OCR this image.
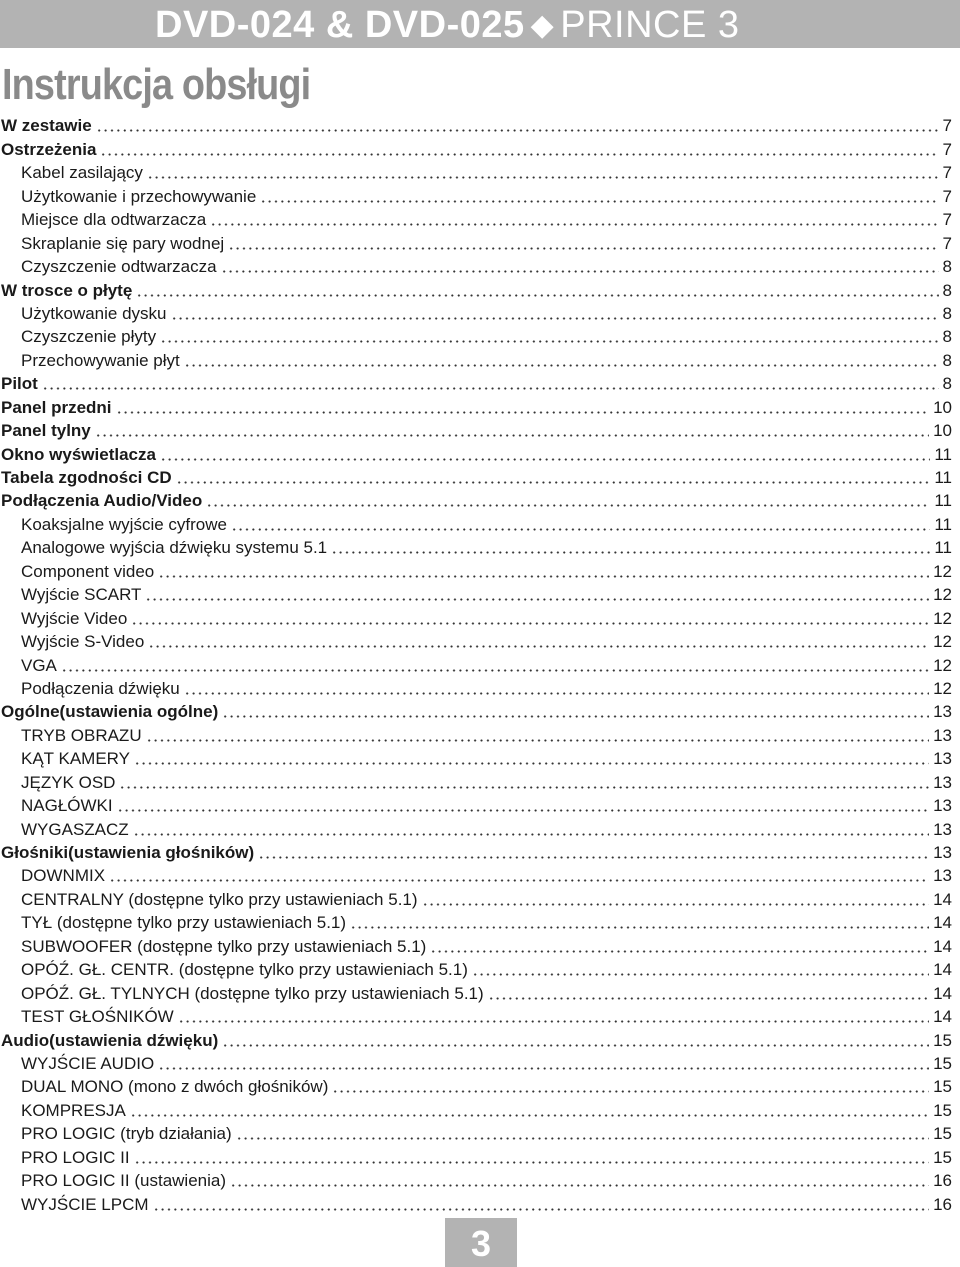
DVD-024 & DVD-025 ◆ PRINCE 3
Instrukcja obsługi
W zestawie	7
Ostrzeżenia	7
Kabel zasilający	7
Użytkowanie i przechowywanie	7
Miejsce dla odtwarzacza	7
Skraplanie się pary wodnej	7
Czyszczenie odtwarzacza	8
W trosce o płytę	8
Użytkowanie dysku	8
Czyszczenie płyty	8
Przechowywanie płyt	8
Pilot	8
Panel przedni	10
Panel tylny	10
Okno wyświetlacza	11
Tabela zgodności CD	11
Podłączenia Audio/Video	11
Koaksjalne wyjście cyfrowe	11
Analogowe wyjścia dźwięku systemu 5.1	11
Component video	12
Wyjście SCART	12
Wyjście Video	12
Wyjście S-Video	12
VGA	12
Podłączenia dźwięku	12
Ogólne(ustawienia ogólne)	13
TRYB OBRAZU	13
KĄT KAMERY	13
JĘZYK OSD	13
NAGŁÓWKI	13
WYGASZACZ	13
Głośniki(ustawienia głośników)	13
DOWNMIX	13
CENTRALNY (dostępne tylko przy ustawieniach 5.1)	14
TYŁ (dostępne tylko przy ustawieniach 5.1)	14
SUBWOOFER (dostępne tylko przy ustawieniach 5.1)	14
OPÓŹ. GŁ. CENTR. (dostępne tylko przy ustawieniach 5.1)	14
OPÓŹ. GŁ. TYLNYCH (dostępne tylko przy ustawieniach 5.1)	14
TEST GŁOŚNIKÓW	14
Audio(ustawienia dźwięku)	15
WYJŚCIE AUDIO	15
DUAL MONO (mono z dwóch głośników)	15
KOMPRESJA	15
PRO LOGIC (tryb działania)	15
PRO LOGIC II	15
PRO LOGIC II (ustawienia)	16
WYJŚCIE LPCM	16
3
